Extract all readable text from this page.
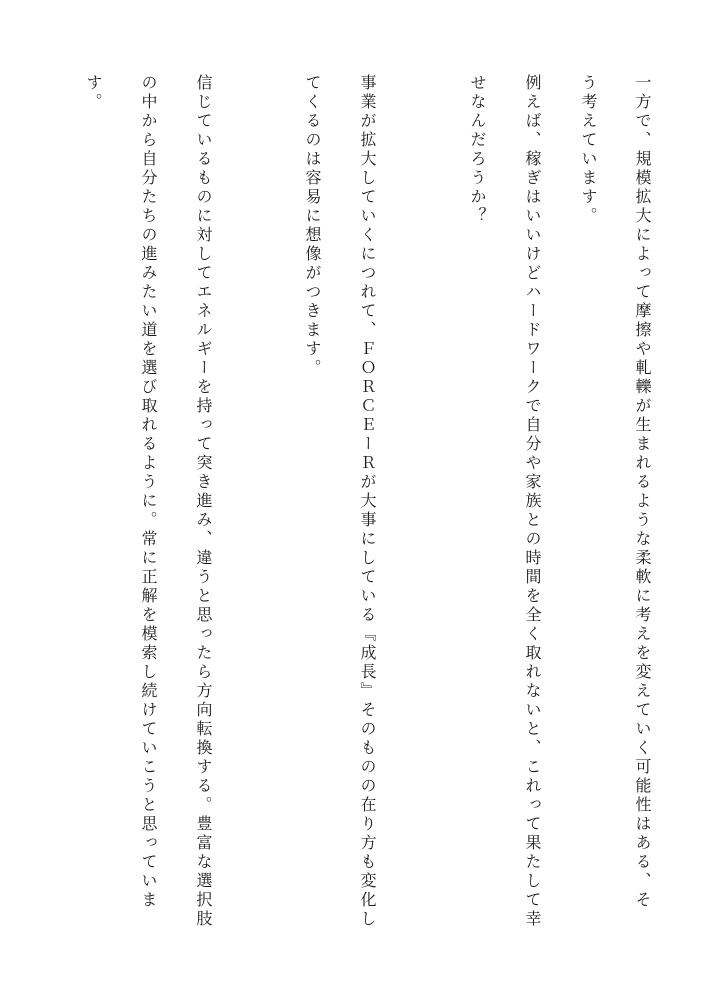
一方で、規模拡大によって摩擦や軋轢が生まれるような柔軟に考えを変えていく可能性はある、そ
う考えています。
例えば、稼ぎはいいけどハードワークで自分や家族との時間を全く取れないと、これって果たして幸
せなんだろうか？
事業が拡大していくにつれて、ＦＯＲＣＥーＲが大事にしている『成長』そのものの在り方も変化し
てくるのは容易に想像がつきます。
信じているものに対してエネルギーを持って突き進み、違うと思ったら方向転換する。豊富な選択肢
の中から自分たちの進みたい道を選び取れるように。常に正解を模索し続けていこうと思っていま
す。
